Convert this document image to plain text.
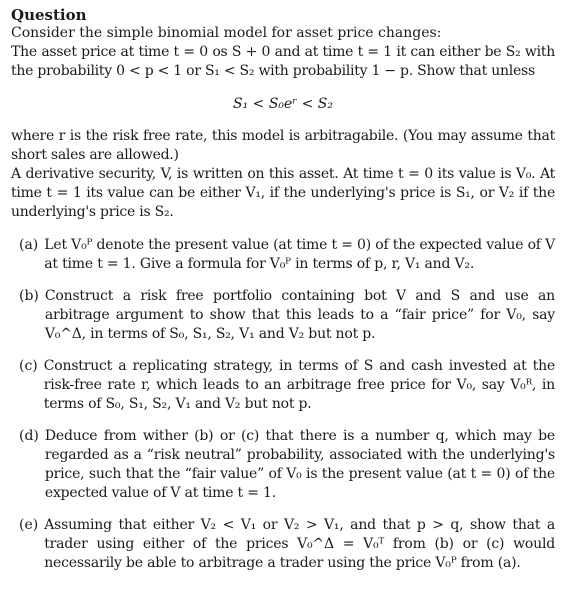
Question

Consider the simple binomial model for asset price changes:

The asset price at time t = 0 os S + 0 and at time t = 1 it can either be S₂ with the probability 0 < p < 1 or S₁ < S₂ with probability 1 − p. Show that unless

S₁ < S₀eʳ < S₂

where r is the risk free rate, this model is arbitragabile. (You may assume that short sales are allowed.)

A derivative security, V, is written on this asset. At time t = 0 its value is V₀. At time t = 1 its value can be either V₁, if the underlying's price is S₁, or V₂ if the underlying's price is S₂.

(a) Let V₀ᴾ denote the present value (at time t = 0) of the expected value of V at time t = 1. Give a formula for V₀ᴾ in terms of p, r, V₁ and V₂.
(b) Construct a risk free portfolio containing bot V and S and use an arbitrage argument to show that this leads to a “fair price” for V₀, say V₀^Δ, in terms of S₀, S₁, S₂, V₁ and V₂ but not p.
(c) Construct a replicating strategy, in terms of S and cash invested at the risk-free rate r, which leads to an arbitrage free price for V₀, say V₀ᴿ, in terms of S₀, S₁, S₂, V₁ and V₂ but not p.
(d) Deduce from wither (b) or (c) that there is a number q, which may be regarded as a “risk neutral” probability, associated with the underlying's price, such that the “fair value” of V₀ is the present value (at t = 0) of the expected value of V at time t = 1.
(e) Assuming that either V₂ < V₁ or V₂ > V₁, and that p > q, show that a trader using either of the prices V₀^Δ = V₀ᵀ from (b) or (c) would necessarily be able to arbitrage a trader using the price V₀ᴾ from (a).
